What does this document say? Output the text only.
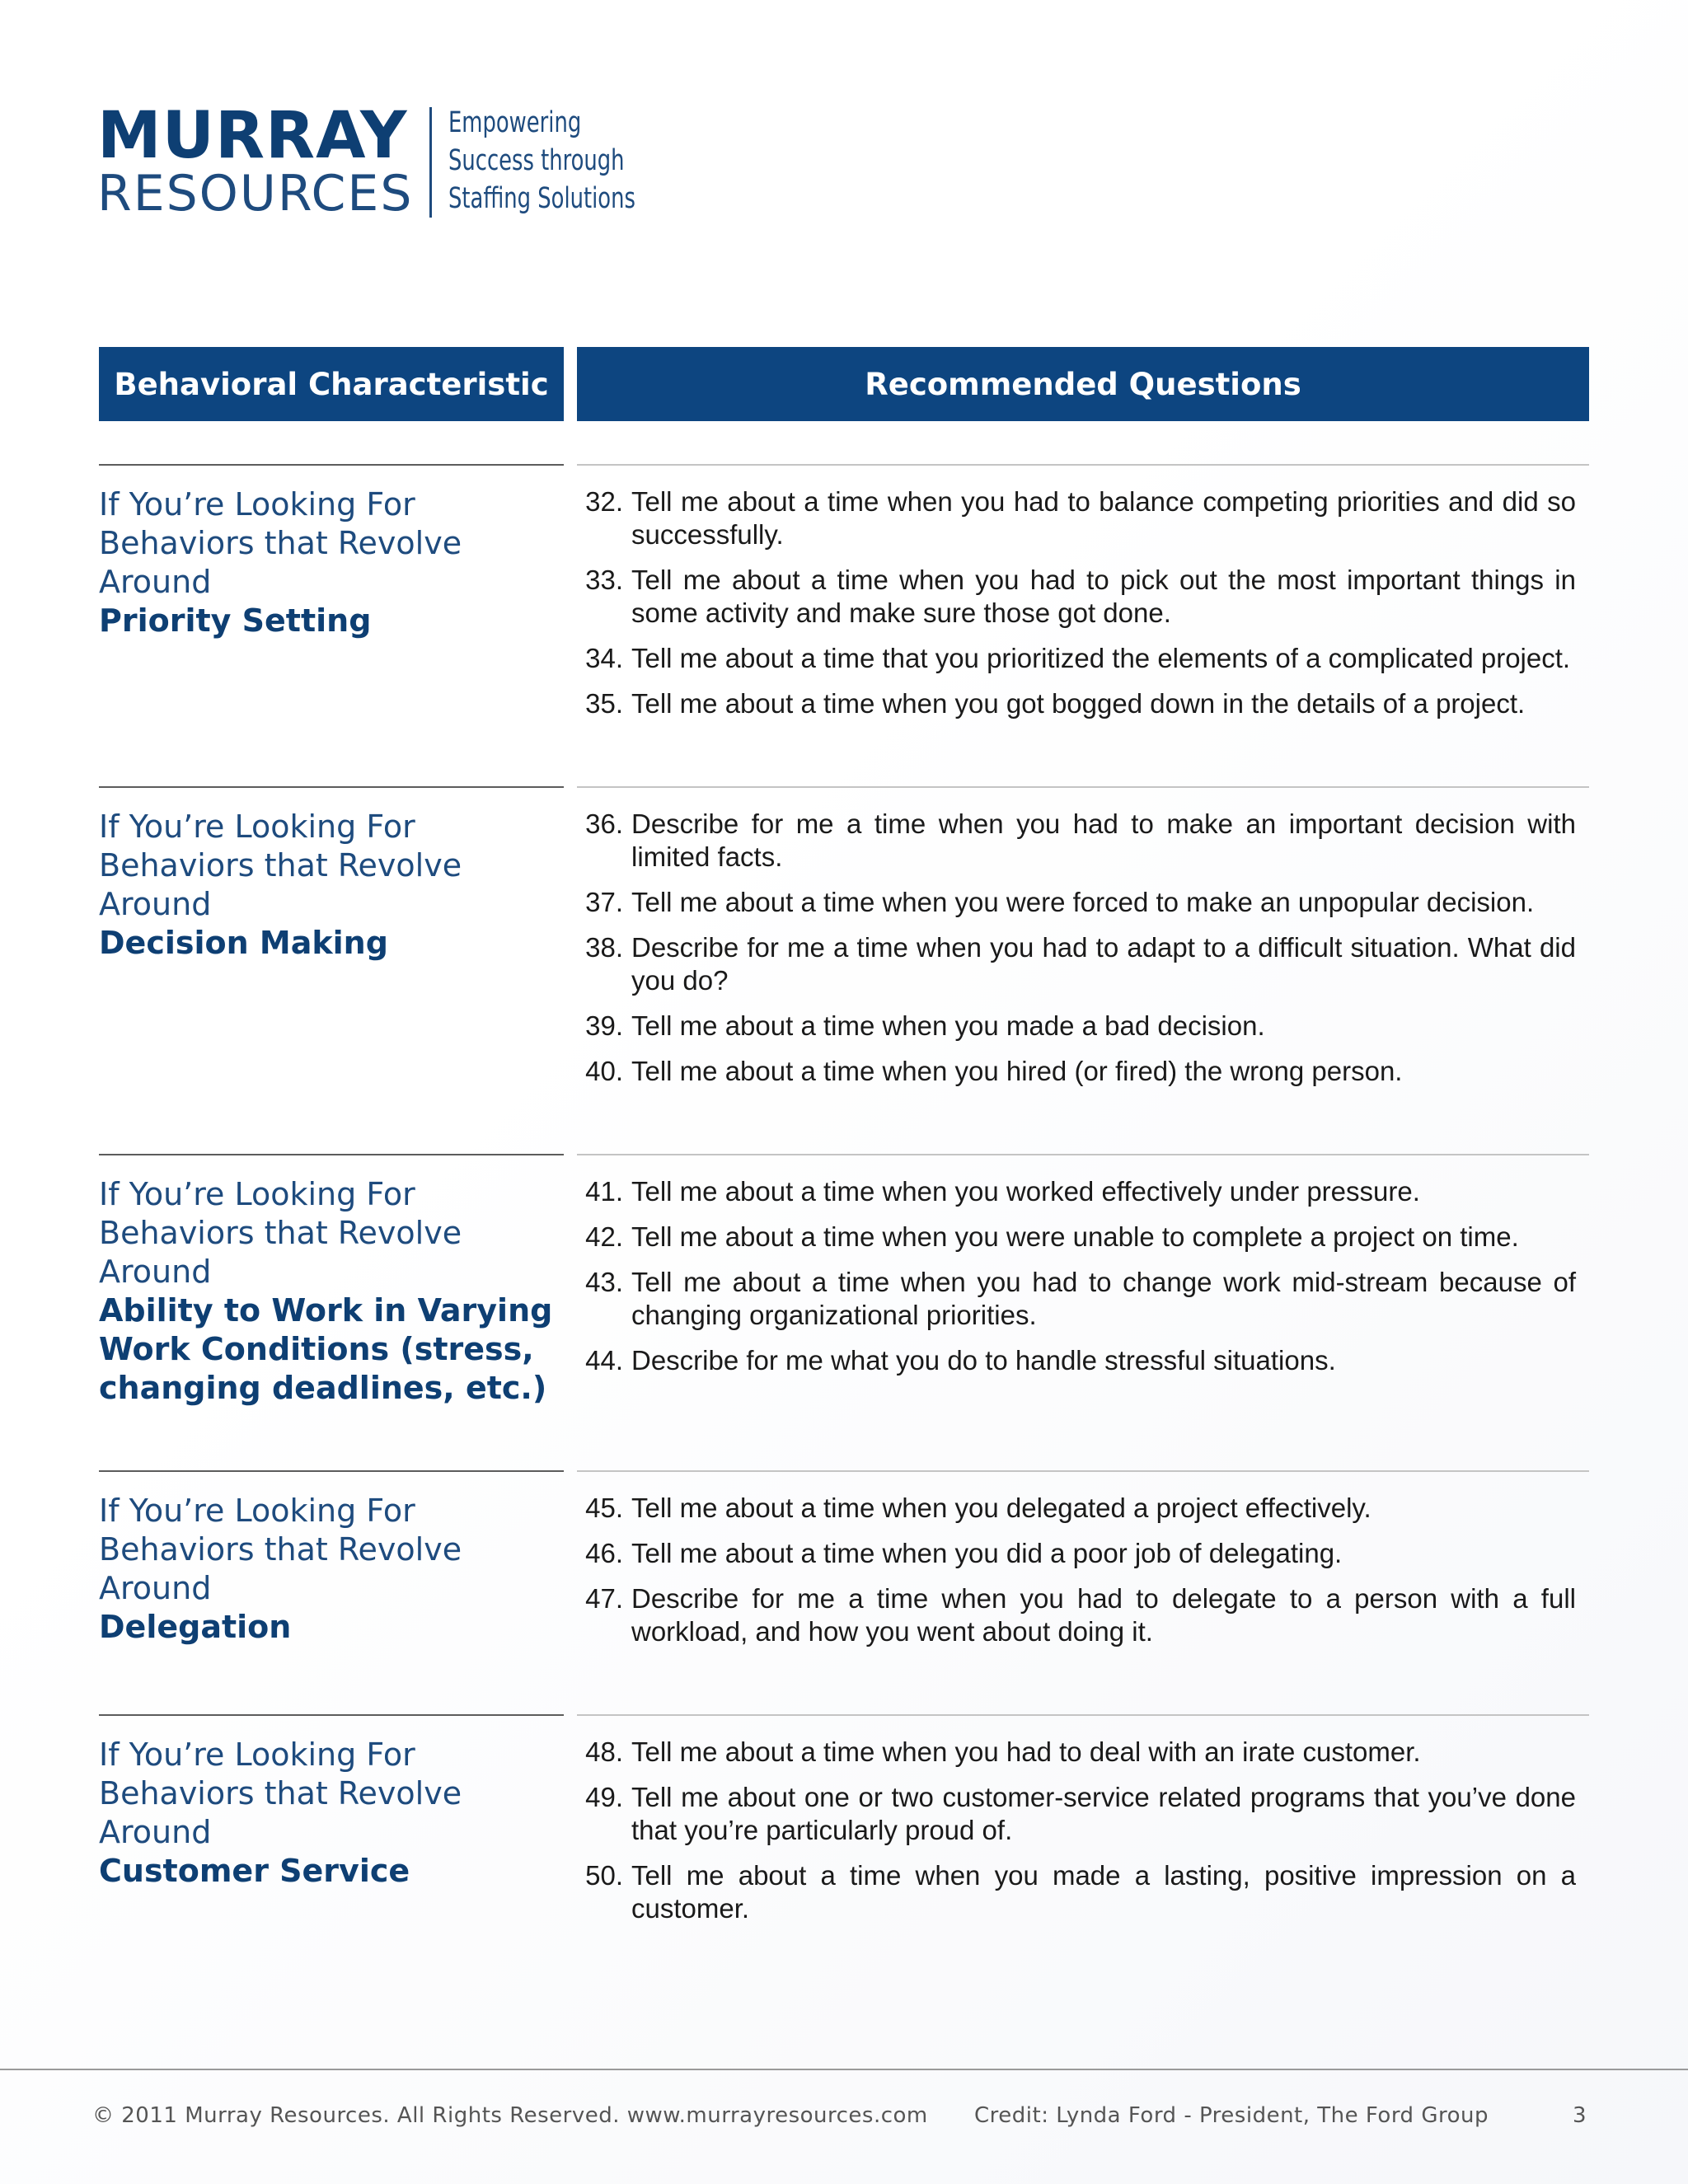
MURRAY
RESOURCES
Empowering
Success through
Staffing Solutions
Behavioral Characteristic	Recommended Questions
If You’re Looking For Behaviors that Revolve Around
Priority Setting
32. Tell me about a time when you had to balance competing priorities and did so successfully.
33. Tell me about a time when you had to pick out the most important things in some activity and make sure those got done.
34. Tell me about a time that you prioritized the elements of a complicated project.
35. Tell me about a time when you got bogged down in the details of a project.
If You’re Looking For Behaviors that Revolve Around
Decision Making
36. Describe for me a time when you had to make an important decision with limited facts.
37. Tell me about a time when you were forced to make an unpopular decision.
38. Describe for me a time when you had to adapt to a difficult situation. What did you do?
39. Tell me about a time when you made a bad decision.
40. Tell me about a time when you hired (or fired) the wrong person.
If You’re Looking For Behaviors that Revolve Around
Ability to Work in Varying Work Conditions (stress, changing deadlines, etc.)
41. Tell me about a time when you worked effectively under pressure.
42. Tell me about a time when you were unable to complete a project on time.
43. Tell me about a time when you had to change work mid-stream because of changing organizational priorities.
44. Describe for me what you do to handle stressful situations.
If You’re Looking For Behaviors that Revolve Around
Delegation
45. Tell me about a time when you delegated a project effectively.
46. Tell me about a time when you did a poor job of delegating.
47. Describe for me a time when you had to delegate to a person with a full workload, and how you went about doing it.
If You’re Looking For Behaviors that Revolve Around
Customer Service
48. Tell me about a time when you had to deal with an irate customer.
49. Tell me about one or two customer-service related programs that you’ve done that you’re particularly proud of.
50. Tell me about a time when you made a lasting, positive impression on a customer.
© 2011 Murray Resources. All Rights Reserved. www.murrayresources.com Credit: Lynda Ford - President, The Ford Group	3
